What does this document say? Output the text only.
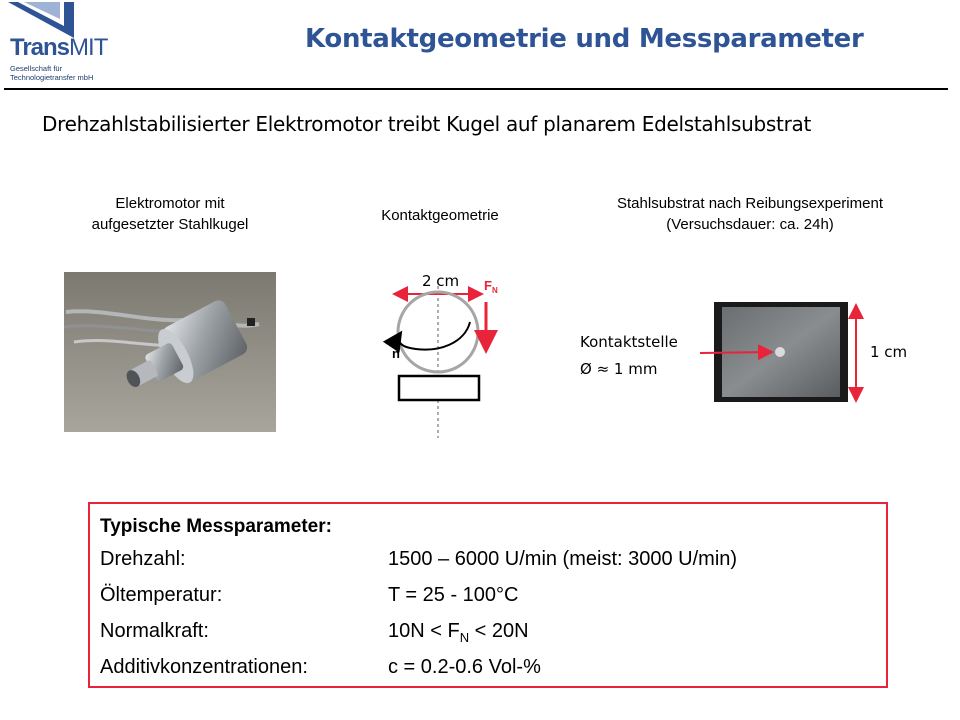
TransMIT
Gesellschaft für
Technologietransfer mbH
Kontaktgeometrie und Messparameter
Drehzahlstabilisierter Elektromotor treibt Kugel auf planarem Edelstahlsubstrat
Elektromotor mit
aufgesetzter Stahlkugel
Kontaktgeometrie
Stahlsubstrat nach Reibungsexperiment
(Versuchsdauer: ca. 24h)
2 cm $F_N$
n
Kontaktstelle
Ø ≈ 1 mm
1 cm
Typische Messparameter:
Drehzahl:	1500 – 6000 U/min (meist: 3000 U/min)
Öltemperatur:	T = 25 - 100°C
Normalkraft:	$10N < F_N < 20N$
Additivkonzentrationen:	c = 0.2-0.6 Vol-%
